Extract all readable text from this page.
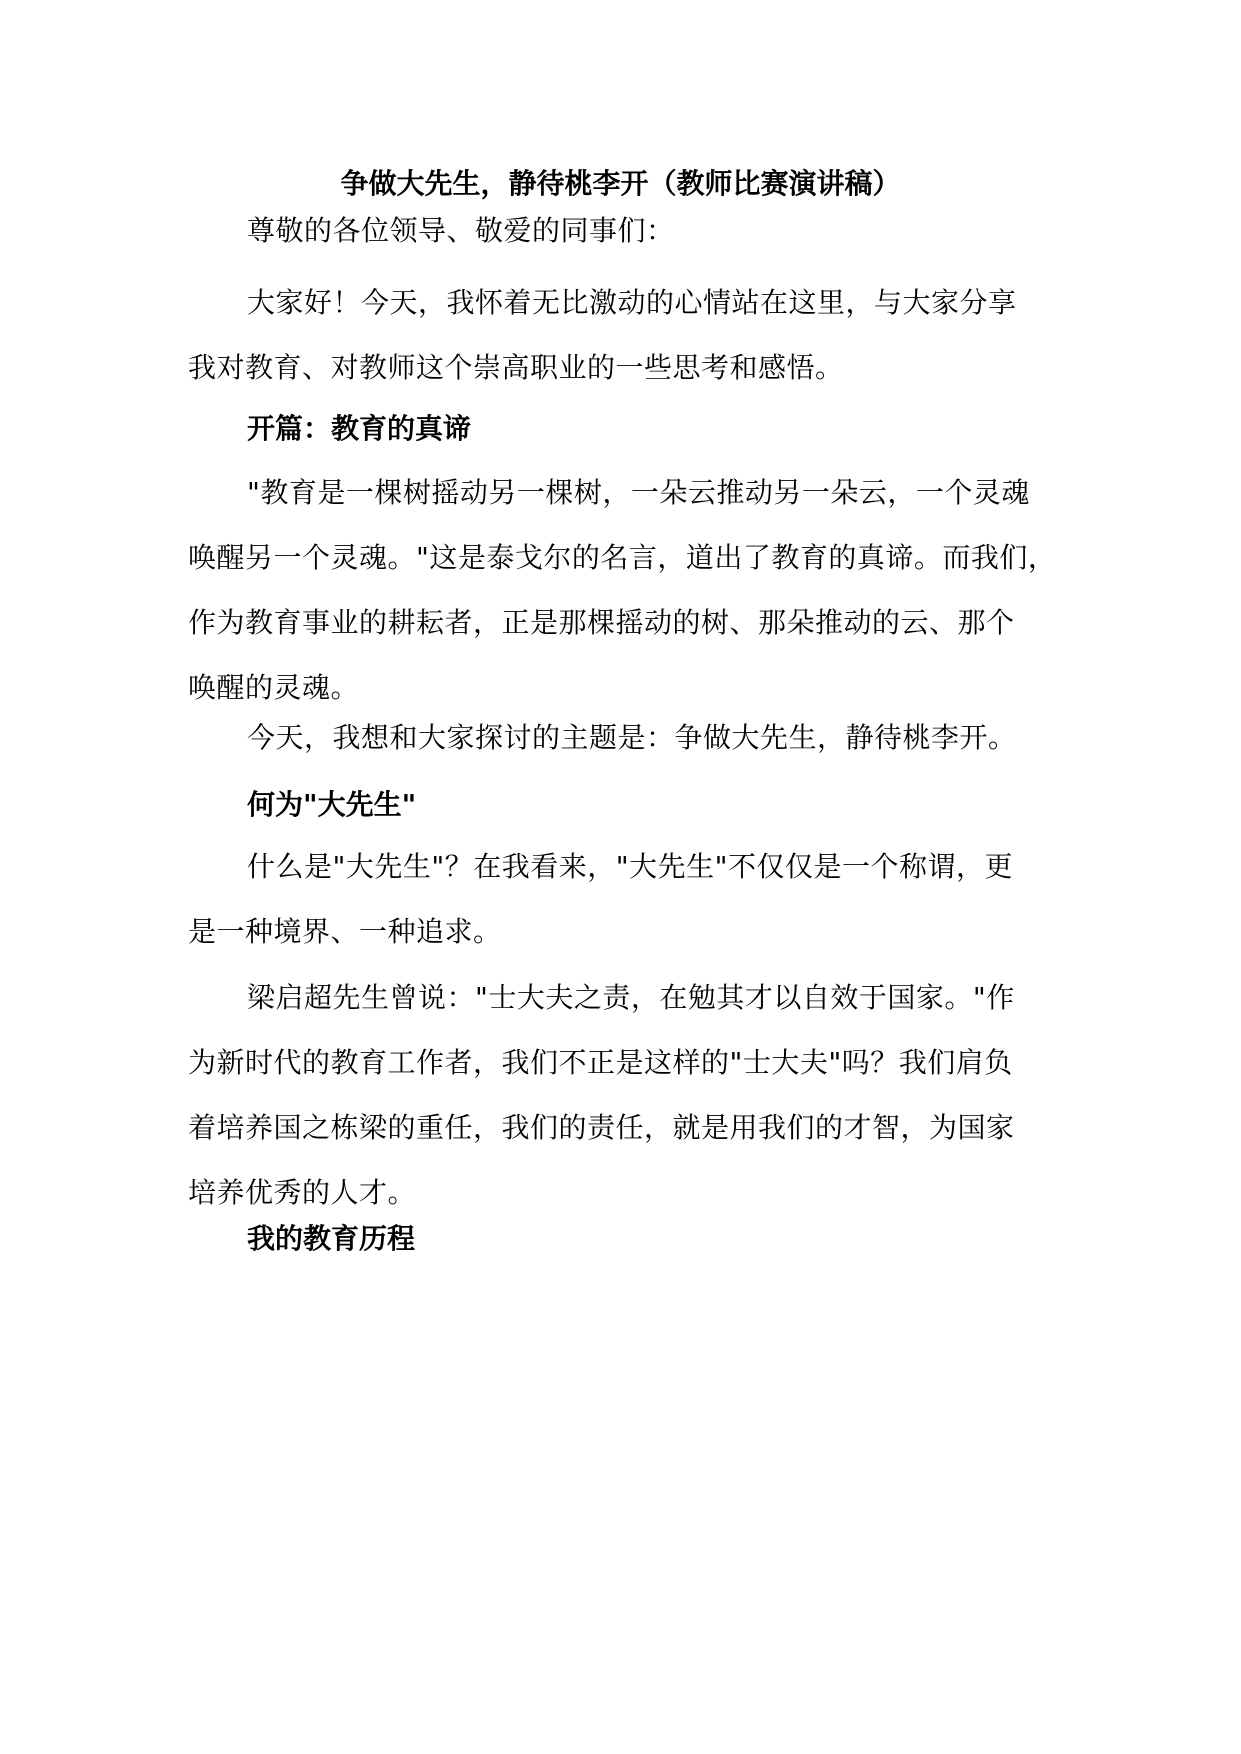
争做大先生，静待桃李开（教师比赛演讲稿）

尊敬的各位领导、敬爱的同事们：

大家好！今天，我怀着无比激动的心情站在这里，与大家分享
我对教育、对教师这个崇高职业的一些思考和感悟。

开篇：教育的真谛

"教育是一棵树摇动另一棵树，一朵云推动另一朵云，一个灵魂
唤醒另一个灵魂。"这是泰戈尔的名言，道出了教育的真谛。而我们，
作为教育事业的耕耘者，正是那棵摇动的树、那朵推动的云、那个
唤醒的灵魂。

今天，我想和大家探讨的主题是：争做大先生，静待桃李开。

何为"大先生"

什么是"大先生"？在我看来，"大先生"不仅仅是一个称谓，更
是一种境界、一种追求。

梁启超先生曾说："士大夫之责，在勉其才以自效于国家。"作
为新时代的教育工作者，我们不正是这样的"士大夫"吗？我们肩负
着培养国之栋梁的重任，我们的责任，就是用我们的才智，为国家
培养优秀的人才。

我的教育历程
